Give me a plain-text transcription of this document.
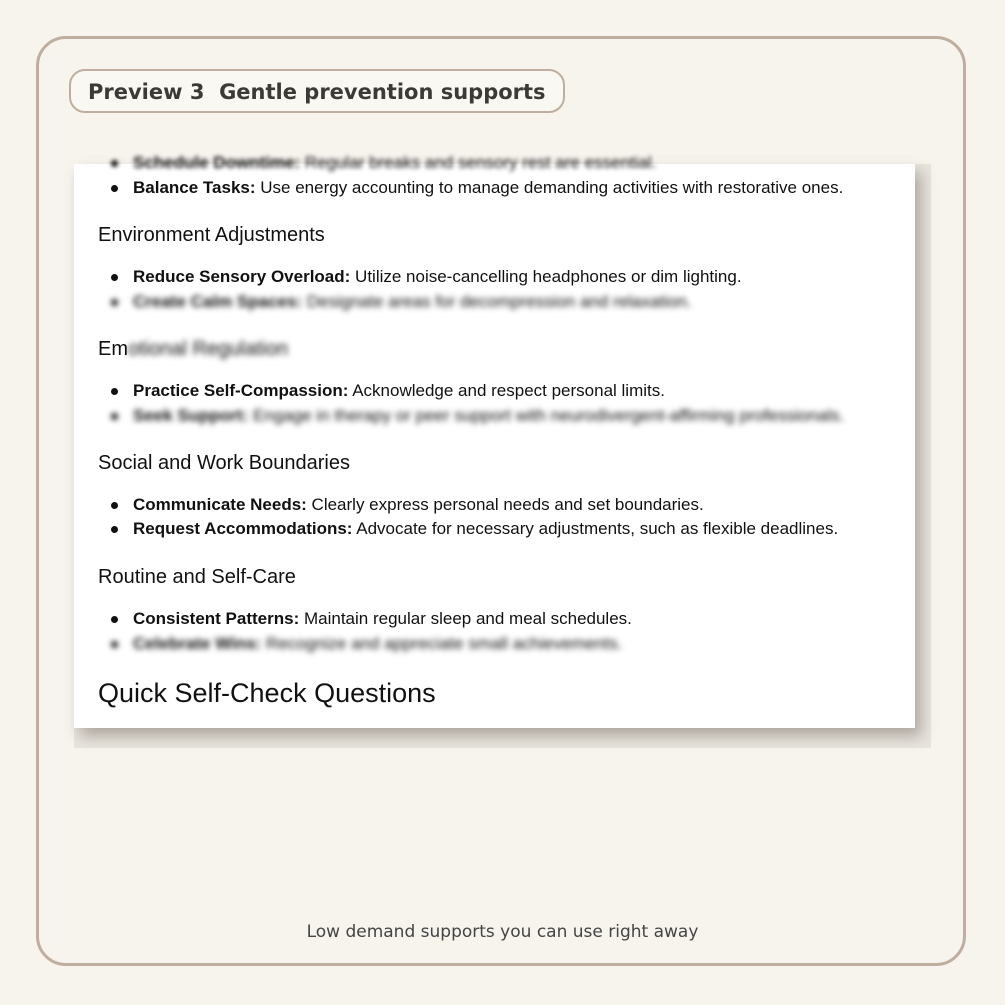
Preview 3  Gentle prevention supports
Schedule Downtime: Regular breaks and sensory rest are essential.
Balance Tasks: Use energy accounting to manage demanding activities with restorative ones.
Environment Adjustments
Reduce Sensory Overload: Utilize noise-cancelling headphones or dim lighting.
Create Calm Spaces: Designate areas for decompression and relaxation.
Emotional Regulation
Practice Self-Compassion: Acknowledge and respect personal limits.
Seek Support: Engage in therapy or peer support with neurodivergent-affirming professionals.
Social and Work Boundaries
Communicate Needs: Clearly express personal needs and set boundaries.
Request Accommodations: Advocate for necessary adjustments, such as flexible deadlines.
Routine and Self-Care
Consistent Patterns: Maintain regular sleep and meal schedules.
Celebrate Wins: Recognize and appreciate small achievements.
Quick Self-Check Questions
Low demand supports you can use right away
